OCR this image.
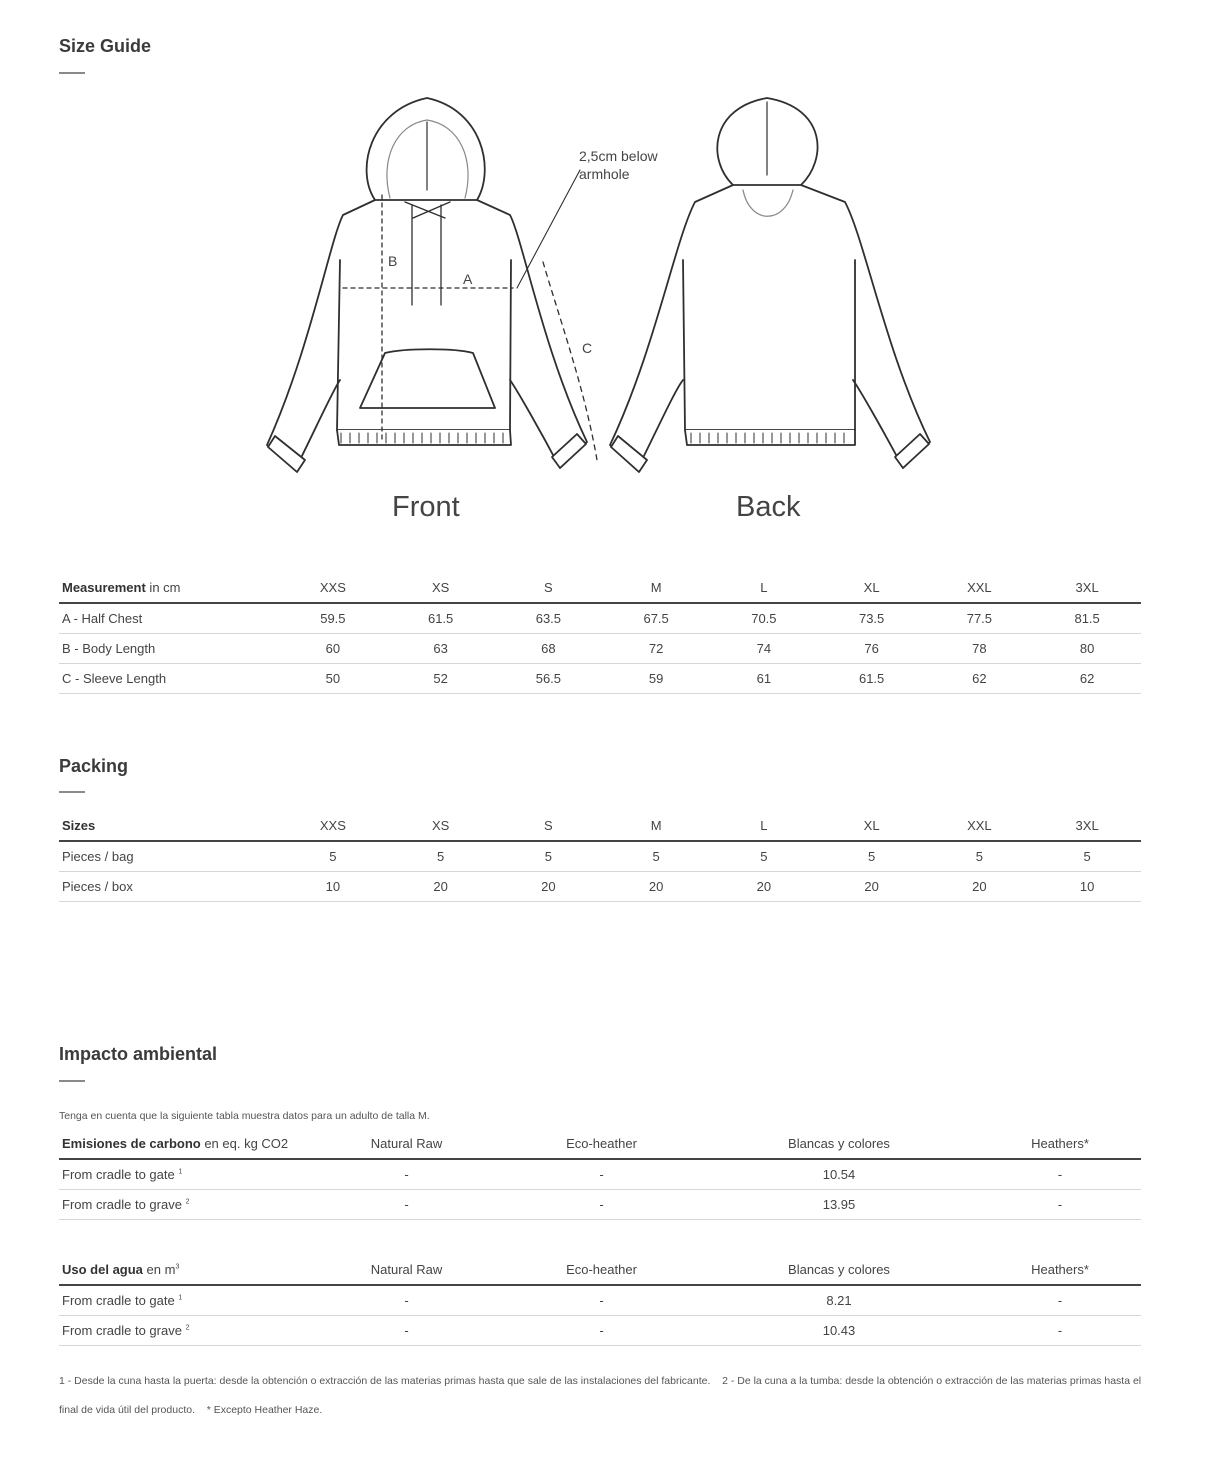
Size Guide
2,5cm below
armhole
B
A
C
Front	Back
Measurement in cm	XXS	XS	S	M	L	XL	XXL	3XL
A - Half Chest	59.5	61.5	63.5	67.5	70.5	73.5	77.5	81.5
B - Body Length	60	63	68	72	74	76	78	80
C - Sleeve Length	50	52	56.5	59	61	61.5	62	62
Packing
Sizes	XXS	XS	S	M	L	XL	XXL	3XL
Pieces / bag	5	5	5	5	5	5	5	5
Pieces / box	10	20	20	20	20	20	20	10
Impacto ambiental
Tenga en cuenta que la siguiente tabla muestra datos para un adulto de talla M.
Emisiones de carbono en eq. kg CO2	Natural Raw	Eco-heather	Blancas y colores	Heathers*
From cradle to gate $^1$	-	-	10.54	-
From cradle to grave $^2$	-	-	13.95	-
Uso del agua en $m^3$	Natural Raw	Eco-heather	Blancas y colores	Heathers*
From cradle to gate $^1$	-	-	8.21	-
From cradle to grave $^2$	-	-	10.43	-
1 - Desde la cuna hasta la puerta: desde la obtención o extracción de las materias primas hasta que sale de las instalaciones del fabricante. 2 - De la cuna a la tumba: desde la obtención o extracción de las materias primas hasta el final de vida útil del producto. * Excepto Heather Haze.
